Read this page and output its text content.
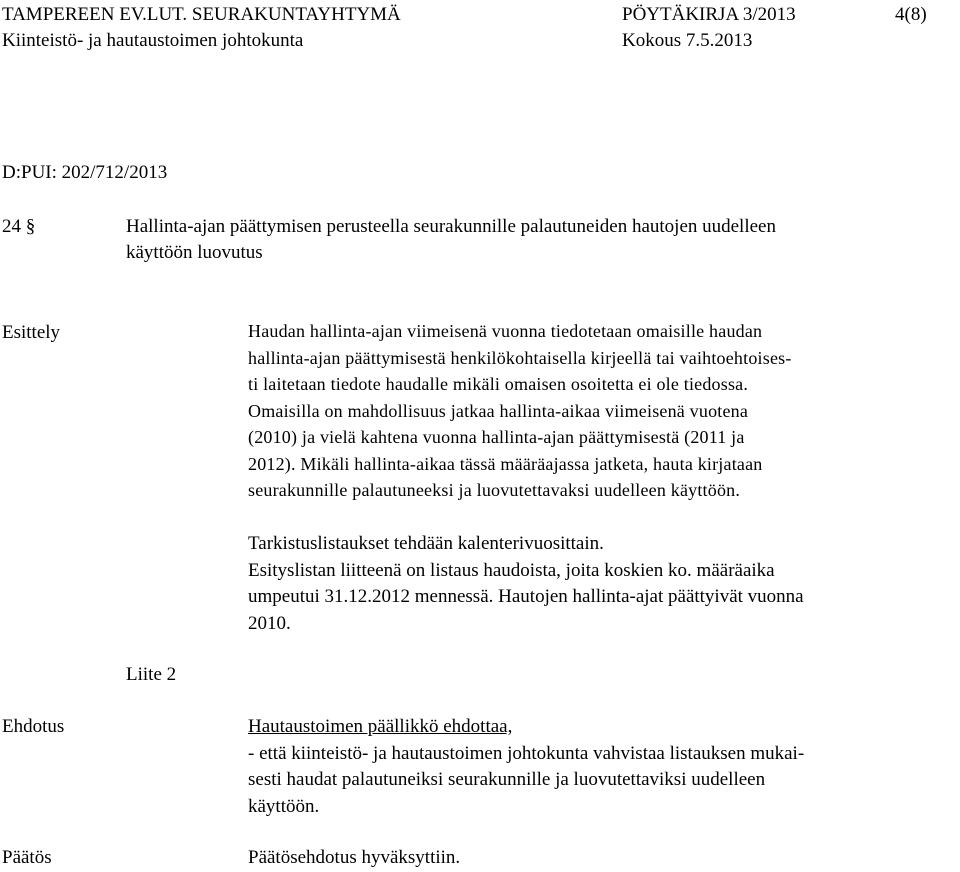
TAMPEREEN EV.LUT. SEURAKUNTAYHTYMÄ	PÖYTÄKIRJA 3/2013	4(8)
Kiinteistö- ja hautaustoimen johtokunta	Kokous 7.5.2013
D:PUI: 202/712/2013
24 §	Hallinta-ajan päättymisen perusteella seurakunnille palautuneiden hautojen uudelleen
käyttöön luovutus
Esittely	Haudan hallinta-ajan viimeisenä vuonna tiedotetaan omaisille haudan

hallinta-ajan päättymisestä henkilökohtaisella kirjeellä tai vaihtoehtoises-

ti laitetaan tiedote haudalle mikäli omaisen osoitetta ei ole tiedossa.

Omaisilla on mahdollisuus jatkaa hallinta-aikaa viimeisenä vuotena

(2010) ja vielä kahtena vuonna hallinta-ajan päättymisestä (2011 ja

2012). Mikäli hallinta-aikaa tässä määräajassa jatketa, hauta kirjataan

seurakunnille palautuneeksi ja luovutettavaksi uudelleen käyttöön.

Tarkistuslistaukset tehdään kalenterivuosittain.

Esityslistan liitteenä on listaus haudoista, joita koskien ko. määräaika

umpeutui 31.12.2012 mennessä. Hautojen hallinta-ajat päättyivät vuonna

2010.

Liite 2
Ehdotus	Hautaustoimen päällikkö ehdottaa,

- että kiinteistö- ja hautaustoimen johtokunta vahvistaa listauksen mukai-

sesti haudat palautuneiksi seurakunnille ja luovutettaviksi uudelleen

käyttöön.

Päätös	Päätösehdotus hyväksyttiin.
